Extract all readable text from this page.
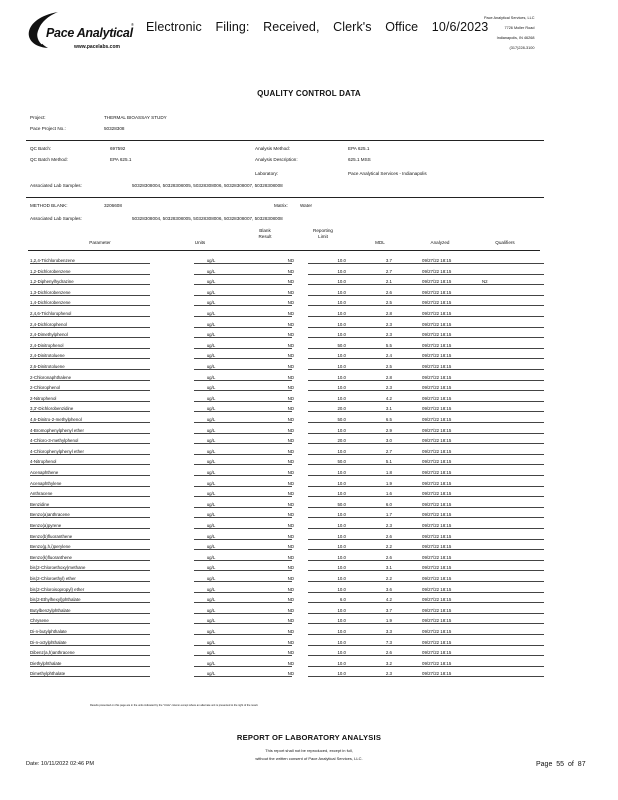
Pace Analytical
®
www.pacelabs.com
Electronic Filing: Received, Clerk's Office 10/6/2023
Pace Analytical Services, LLC
7726 Moller Road
Indianapolis, IN 46268
(317)228-3100
QUALITY CONTROL DATA
Project:	THERMAL BIOASSAY STUDY
Pace Project No.:	50328308
QC Batch:	697592	Analysis Method:	EPA 625.1
QC Batch Method:	EPA 625.1	Analysis Description:	625.1 MSS
Laboratory:	Pace Analytical Services - Indianapolis
Associated Lab Samples:	50328308004, 50328308005, 50328308006, 50328308007, 50328308008
METHOD BLANK:	3206608	Matrix:	Water
Associated Lab Samples:	50328308004, 50328308005, 50328308006, 50328308007, 50328308008
Parameter	Units
Blank
Result
Reporting
Limit
MDL	Analyzed	Qualifiers
1,2,4-Trichlorobenzene	ug/L	ND	10.0	3.7	09/27/22 18:15
1,2-Dichlorobenzene	ug/L	ND	10.0	2.7	09/27/22 18:15
1,2-Diphenylhydrazine	ug/L	ND	10.0	2.1	09/27/22 18:15	N2
1,3-Dichlorobenzene	ug/L	ND	10.0	2.6	09/27/22 18:15
1,4-Dichlorobenzene	ug/L	ND	10.0	2.5	09/27/22 18:15
2,4,6-Trichlorophenol	ug/L	ND	10.0	2.8	09/27/22 18:15
2,4-Dichlorophenol	ug/L	ND	10.0	2.3	09/27/22 18:15
2,4-Dimethylphenol	ug/L	ND	10.0	2.3	09/27/22 18:15
2,4-Dinitrophenol	ug/L	ND	50.0	5.5	09/27/22 18:15
2,4-Dinitrotoluene	ug/L	ND	10.0	2.4	09/27/22 18:15
2,6-Dinitrotoluene	ug/L	ND	10.0	2.5	09/27/22 18:15
2-Chloronaphthalene	ug/L	ND	10.0	2.8	09/27/22 18:15
2-Chlorophenol	ug/L	ND	10.0	2.3	09/27/22 18:15
2-Nitrophenol	ug/L	ND	10.0	4.2	09/27/22 18:15
3,3'-Dichlorobenzidine	ug/L	ND	20.0	3.1	09/27/22 18:15
4,6-Dinitro-2-methylphenol	ug/L	ND	50.0	6.5	09/27/22 18:15
4-Bromophenylphenyl ether	ug/L	ND	10.0	2.9	09/27/22 18:15
4-Chloro-3-methylphenol	ug/L	ND	20.0	3.0	09/27/22 18:15
4-Chlorophenylphenyl ether	ug/L	ND	10.0	2.7	09/27/22 18:15
4-Nitrophenol	ug/L	ND	50.0	5.1	09/27/22 18:15
Acenaphthene	ug/L	ND	10.0	1.8	09/27/22 18:15
Acenaphthylene	ug/L	ND	10.0	1.9	09/27/22 18:15
Anthracene	ug/L	ND	10.0	1.6	09/27/22 18:15
Benzidine	ug/L	ND	50.0	6.0	09/27/22 18:15
Benzo(a)anthracene	ug/L	ND	10.0	1.7	09/27/22 18:15
Benzo(a)pyrene	ug/L	ND	10.0	2.3	09/27/22 18:15
Benzo(b)fluoranthene	ug/L	ND	10.0	2.6	09/27/22 18:15
Benzo(g,h,i)perylene	ug/L	ND	10.0	2.2	09/27/22 18:15
Benzo(k)fluoranthene	ug/L	ND	10.0	2.6	09/27/22 18:15
bis(2-Chloroethoxy)methane	ug/L	ND	10.0	3.1	09/27/22 18:15
bis(2-Chloroethyl) ether	ug/L	ND	10.0	2.2	09/27/22 18:15
bis(2-Chloroisopropyl) ether	ug/L	ND	10.0	3.6	09/27/22 18:15
bis(2-Ethylhexyl)phthalate	ug/L	ND	6.0	4.2	09/27/22 18:15
Butylbenzylphthalate	ug/L	ND	10.0	3.7	09/27/22 18:15
Chrysene	ug/L	ND	10.0	1.9	09/27/22 18:15
Di-n-butylphthalate	ug/L	ND	10.0	3.3	09/27/22 18:15
Di-n-octylphthalate	ug/L	ND	10.0	7.3	09/27/22 18:15
Dibenz(a,h)anthracene	ug/L	ND	10.0	2.6	09/27/22 18:15
Diethylphthalate	ug/L	ND	10.0	3.2	09/27/22 18:15
Dimethylphthalate	ug/L	ND	10.0	2.3	09/27/22 18:15
Results presented on this page are in the units indicated by the "Units" column except where an alternate unit is presented to the right of the result.
REPORT OF LABORATORY ANALYSIS
This report shall not be reproduced, except in full,
without the written consent of Pace Analytical Services, LLC.
Date: 10/11/2022 02:46 PM	Page 55 of 87
